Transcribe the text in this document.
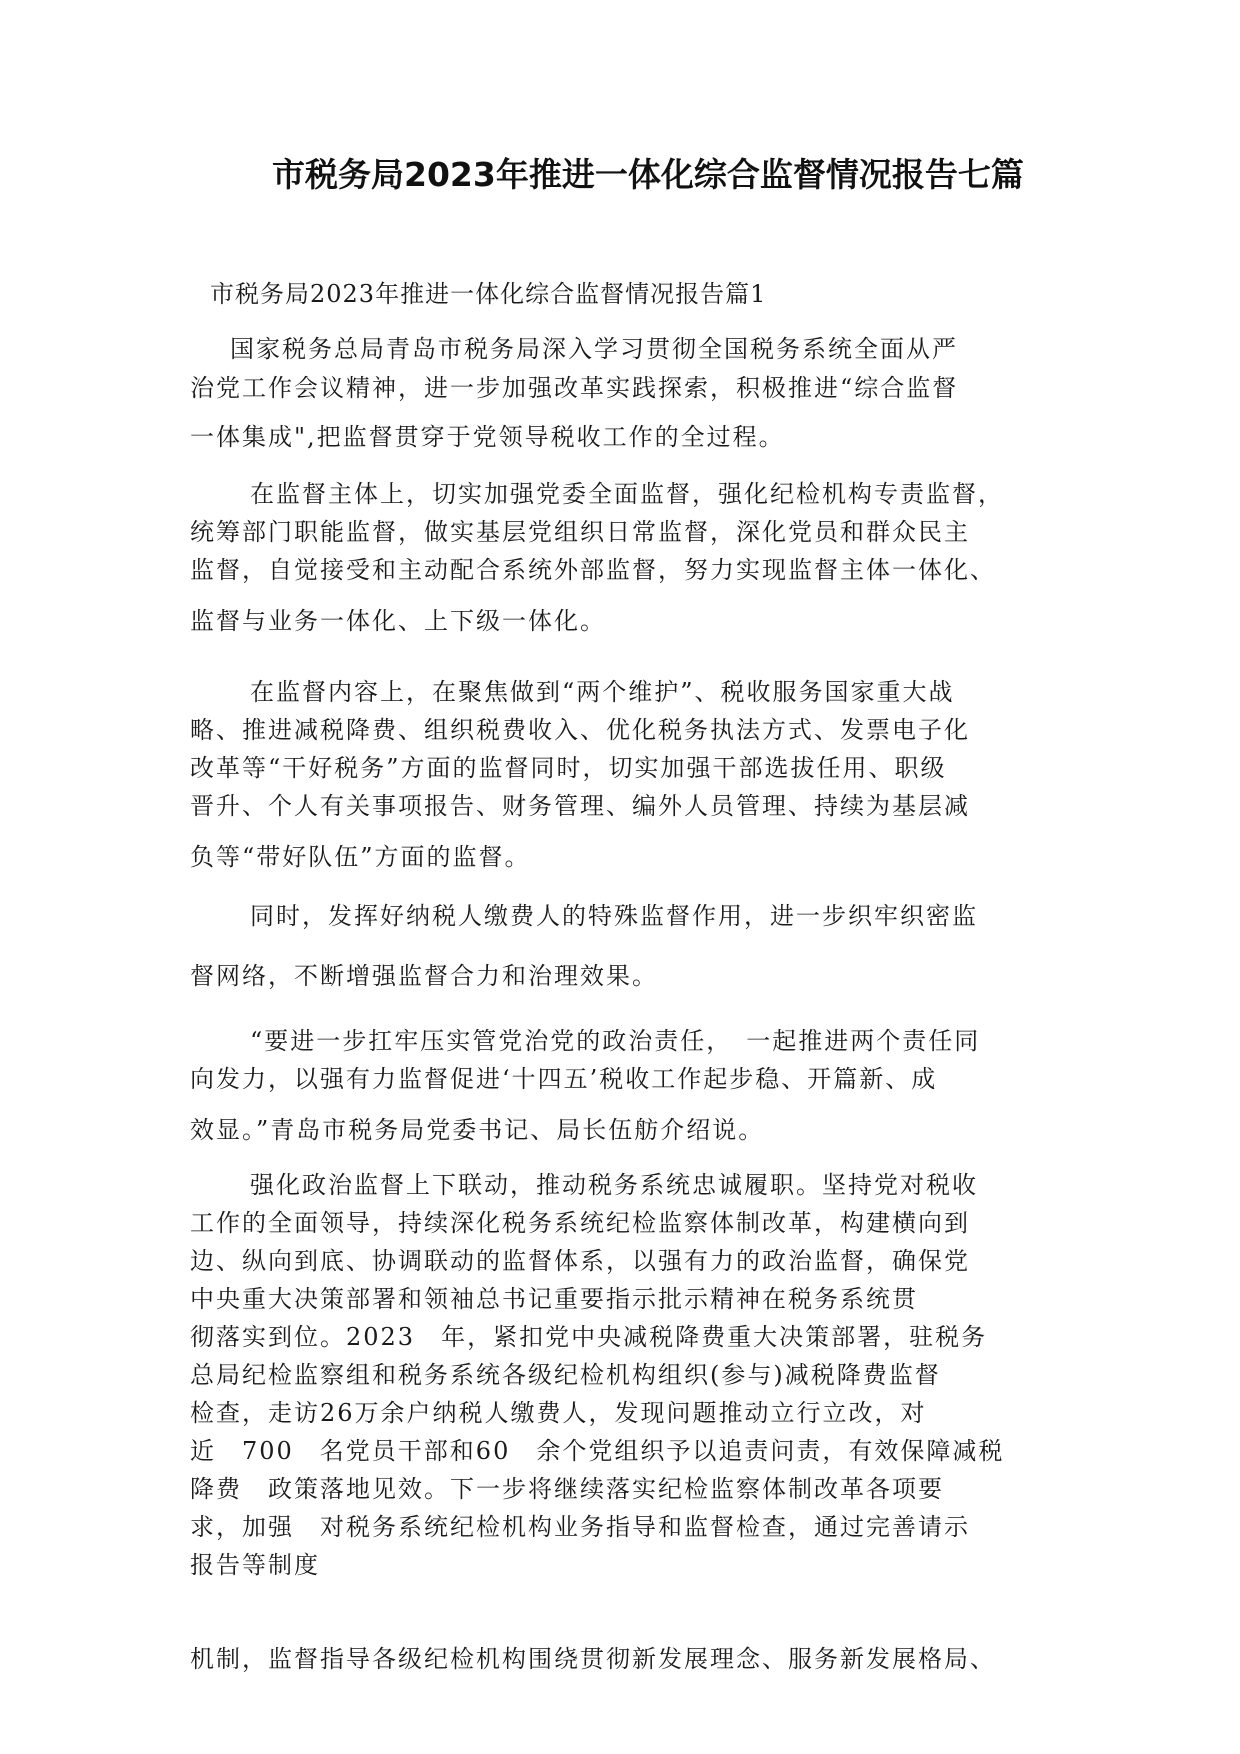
市税务局2023年推进一体化综合监督情况报告七篇
市税务局2023年推进一体化综合监督情况报告篇1
国家税务总局青岛市税务局深入学习贯彻全国税务系统全面从严
治党工作会议精神，进一步加强改革实践探索，积极推进“综合监督
一体集成",把监督贯穿于党领导税收工作的全过程。
在监督主体上，切实加强党委全面监督，强化纪检机构专责监督，
统筹部门职能监督，做实基层党组织日常监督，深化党员和群众民主
监督，自觉接受和主动配合系统外部监督，努力实现监督主体一体化、
监督与业务一体化、上下级一体化。
在监督内容上，在聚焦做到“两个维护”、税收服务国家重大战
略、推进减税降费、组织税费收入、优化税务执法方式、发票电子化
改革等“干好税务”方面的监督同时，切实加强干部选拔任用、职级
晋升、个人有关事项报告、财务管理、编外人员管理、持续为基层减
负等“带好队伍”方面的监督。
同时，发挥好纳税人缴费人的特殊监督作用，进一步织牢织密监
督网络，不断增强监督合力和治理效果。
“要进一步扛牢压实管党治党的政治责任，　一起推进两个责任同
向发力，以强有力监督促进‘十四五’税收工作起步稳、开篇新、成
效显。”青岛市税务局党委书记、局长伍舫介绍说。
强化政治监督上下联动，推动税务系统忠诚履职。坚持党对税收
工作的全面领导，持续深化税务系统纪检监察体制改革，构建横向到
边、纵向到底、协调联动的监督体系，以强有力的政治监督，确保党
中央重大决策部署和领袖总书记重要指示批示精神在税务系统贯
彻落实到位。2023　年，紧扣党中央减税降费重大决策部署，驻税务
总局纪检监察组和税务系统各级纪检机构组织(参与)减税降费监督
检查，走访26万余户纳税人缴费人，发现问题推动立行立改，对
近　700　名党员干部和60　余个党组织予以追责问责，有效保障减税
降费　政策落地见效。下一步将继续落实纪检监察体制改革各项要
求，加强　对税务系统纪检机构业务指导和监督检查，通过完善请示
报告等制度
机制，监督指导各级纪检机构围绕贯彻新发展理念、服务新发展格局、
